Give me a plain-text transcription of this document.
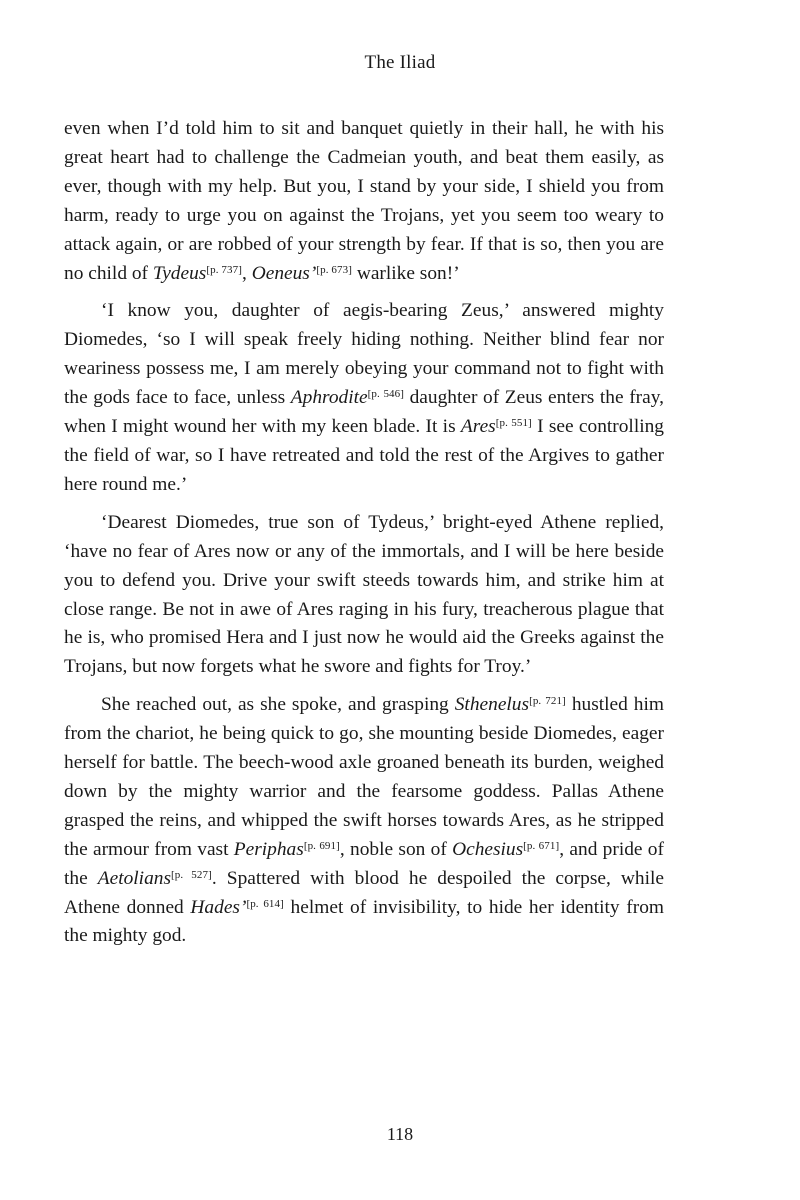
The Iliad

even when I’d told him to sit and banquet quietly in their hall, he with his great heart had to challenge the Cadmeian youth, and beat them easily, as ever, though with my help. But you, I stand by your side, I shield you from harm, ready to urge you on against the Trojans, yet you seem too weary to attack again, or are robbed of your strength by fear. If that is so, then you are no child of Tydeus[p. 737], Oeneus’[p. 673] warlike son!’

‘I know you, daughter of aegis-bearing Zeus,’ answered mighty Diomedes, ‘so I will speak freely hiding nothing. Neither blind fear nor weariness possess me, I am merely obeying your command not to fight with the gods face to face, unless Aphrodite[p. 546] daughter of Zeus enters the fray, when I might wound her with my keen blade. It is Ares[p. 551] I see controlling the field of war, so I have retreated and told the rest of the Argives to gather here round me.’

‘Dearest Diomedes, true son of Tydeus,’ bright-eyed Athene replied, ‘have no fear of Ares now or any of the immortals, and I will be here beside you to defend you. Drive your swift steeds towards him, and strike him at close range. Be not in awe of Ares raging in his fury, treacherous plague that he is, who promised Hera and I just now he would aid the Greeks against the Trojans, but now forgets what he swore and fights for Troy.’

She reached out, as she spoke, and grasping Sthenelus[p. 721] hustled him from the chariot, he being quick to go, she mounting beside Diomedes, eager herself for battle. The beech-wood axle groaned beneath its burden, weighed down by the mighty warrior and the fearsome goddess. Pallas Athene grasped the reins, and whipped the swift horses towards Ares, as he stripped the armour from vast Periphas[p. 691], noble son of Ochesius[p. 671], and pride of the Aetolians[p. 527]. Spattered with blood he despoiled the corpse, while Athene donned Hades’[p. 614] helmet of invisibility, to hide her identity from the mighty god.

118
